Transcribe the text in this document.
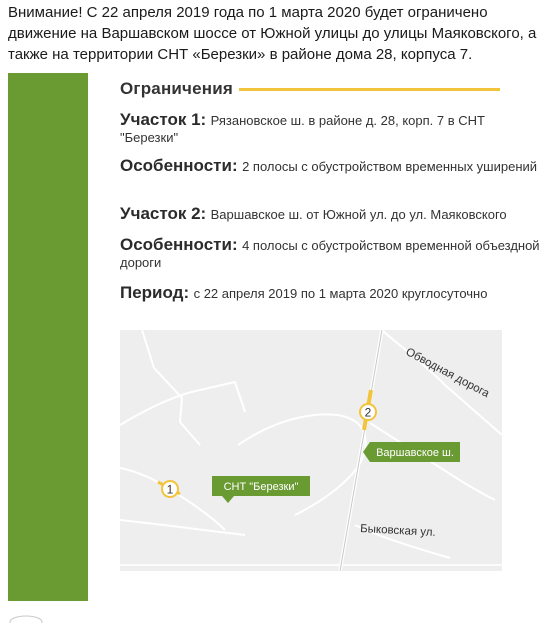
Внимание! С 22 апреля 2019 года по 1 марта 2020 будет ограничено движение на Варшавском шоссе от Южной улицы до улицы Маяковского, а также на территории СНТ «Березки» в районе дома 28, корпуса 7.
Ограничения
Участок 1: Рязановское ш. в районе д. 28, корп. 7 в СНТ "Березки"
Особенности: 2 полосы с обустройством временных уширений
Участок 2: Варшавское ш. от Южной ул. до ул. Маяковского
Особенности: 4 полосы с обустройством временной объездной дороги
Период: с 22 апреля 2019 по 1 марта 2020 круглосуточно
1
2
СНТ "Березки"
Варшавское ш.
Обводная дорога
Быковская ул.
